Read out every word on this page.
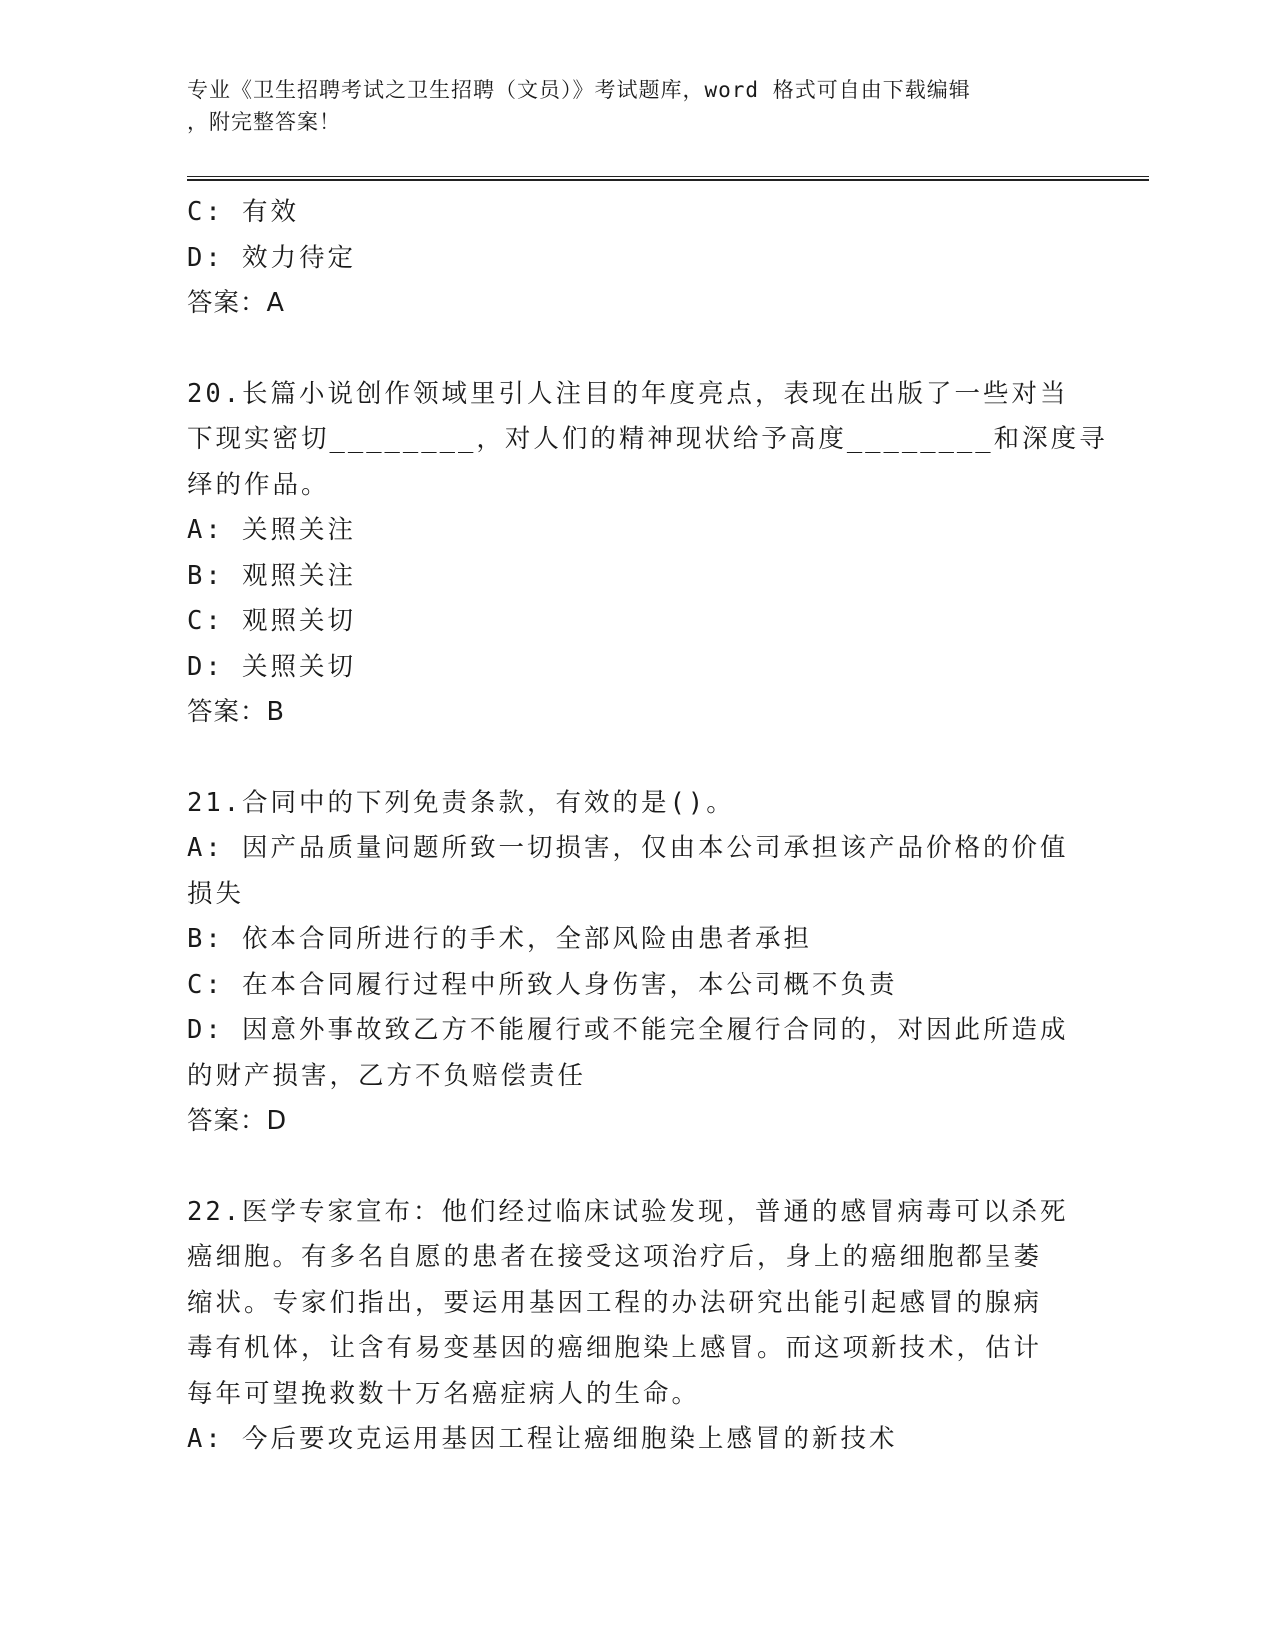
专业《卫生招聘考试之卫生招聘（文员）》考试题库，word 格式可自由下载编辑
，附完整答案！
C: 有效
D: 效力待定
答案：A
20.长篇小说创作领域里引人注目的年度亮点，表现在出版了一些对当
下现实密切________，对人们的精神现状给予高度________和深度寻
绎的作品。
A: 关照关注
B: 观照关注
C: 观照关切
D: 关照关切
答案：B
21.合同中的下列免责条款，有效的是()。
A: 因产品质量问题所致一切损害，仅由本公司承担该产品价格的价值
损失
B: 依本合同所进行的手术，全部风险由患者承担
C: 在本合同履行过程中所致人身伤害，本公司概不负责
D: 因意外事故致乙方不能履行或不能完全履行合同的，对因此所造成
的财产损害，乙方不负赔偿责任
答案：D
22.医学专家宣布：他们经过临床试验发现，普通的感冒病毒可以杀死
癌细胞。有多名自愿的患者在接受这项治疗后，身上的癌细胞都呈萎
缩状。专家们指出，要运用基因工程的办法研究出能引起感冒的腺病
毒有机体，让含有易变基因的癌细胞染上感冒。而这项新技术，估计
每年可望挽救数十万名癌症病人的生命。
A: 今后要攻克运用基因工程让癌细胞染上感冒的新技术
